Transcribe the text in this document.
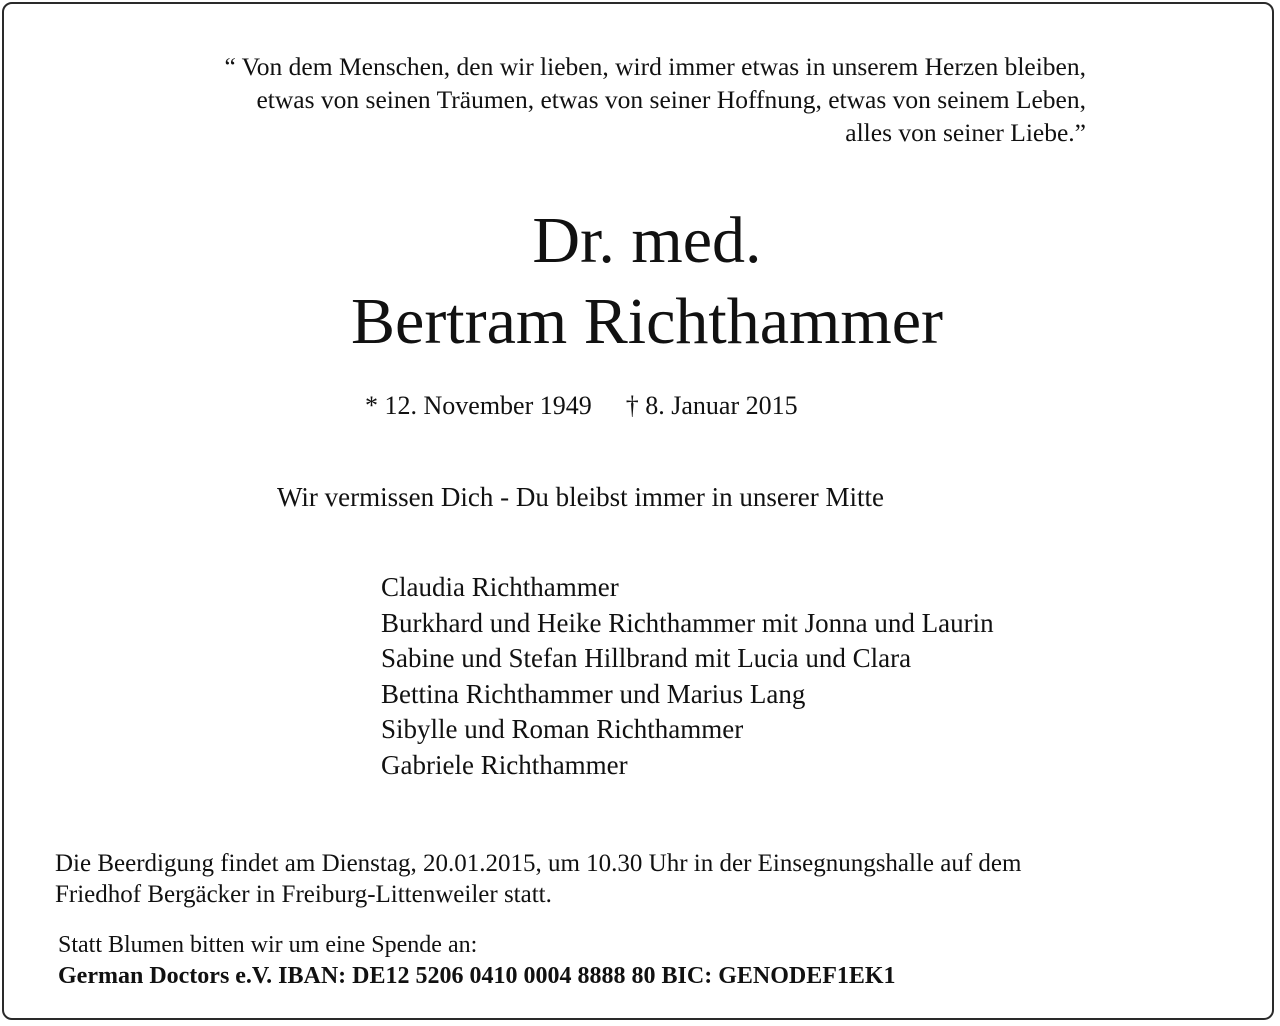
“ Von dem Menschen, den wir lieben, wird immer etwas in unserem Herzen bleiben,
etwas von seinen Träumen, etwas von seiner Hoffnung, etwas von seinem Leben,
alles von seiner Liebe.”
Dr. med.
Bertram Richthammer
* 12. November 1949 † 8. Januar 2015
Wir vermissen Dich - Du bleibst immer in unserer Mitte
Claudia Richthammer
Burkhard und Heike Richthammer mit Jonna und Laurin
Sabine und Stefan Hillbrand mit Lucia und Clara
Bettina Richthammer und Marius Lang
Sibylle und Roman Richthammer
Gabriele Richthammer
Die Beerdigung findet am Dienstag, 20.01.2015, um 10.30 Uhr in der Einsegnungshalle auf dem
Friedhof Bergäcker in Freiburg-Littenweiler statt.
Statt Blumen bitten wir um eine Spende an:
German Doctors e.V. IBAN: DE12 5206 0410 0004 8888 80 BIC: GENODEF1EK1
